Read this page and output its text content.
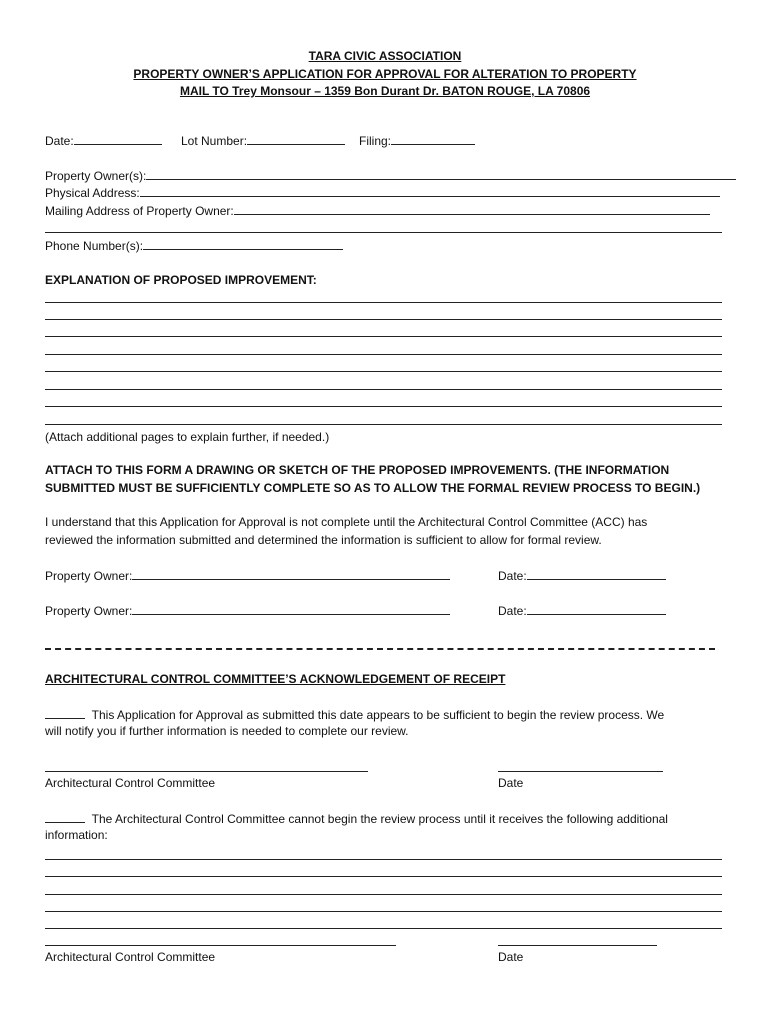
TARA CIVIC ASSOCIATION
PROPERTY OWNER’S APPLICATION FOR APPROVAL FOR ALTERATION TO PROPERTY
MAIL TO Trey Monsour – 1359 Bon Durant Dr. BATON ROUGE, LA 70806
Date:	Lot Number:	Filing:
Property Owner(s):
Physical Address:
Mailing Address of Property Owner:
Phone Number(s):
EXPLANATION OF PROPOSED IMPROVEMENT:
(Attach additional pages to explain further, if needed.)
ATTACH TO THIS FORM A DRAWING OR SKETCH OF THE PROPOSED IMPROVEMENTS. (THE INFORMATION
SUBMITTED MUST BE SUFFICIENTLY COMPLETE SO AS TO ALLOW THE FORMAL REVIEW PROCESS TO BEGIN.)
I understand that this Application for Approval is not complete until the Architectural Control Committee (ACC) has
reviewed the information submitted and determined the information is sufficient to allow for formal review.
Property Owner:	Date:
Property Owner:	Date:
ARCHITECTURAL CONTROL COMMITTEE’S ACKNOWLEDGEMENT OF RECEIPT
This Application for Approval as submitted this date appears to be sufficient to begin the review process. We
will notify you if further information is needed to complete our review.
Architectural Control Committee	Date
The Architectural Control Committee cannot begin the review process until it receives the following additional
information:
Architectural Control Committee	Date
